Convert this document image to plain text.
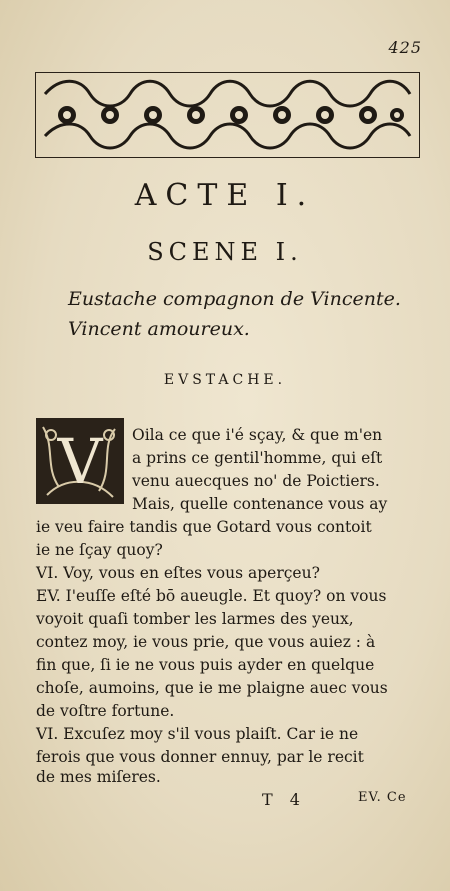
425
ACTE I.
SCENE I.
Eustache compagnon de Vincente.
Vincent amoureux.
EVSTACHE.
V Oila ce que i'é sçay, & que m'en
a prins ce gentil'homme, qui eſt
venu auecques no' de Poictiers.
Mais, quelle contenance vous ay
ie veu faire tandis que Gotard vous contoit
ie ne ſçay quoy?
VI. Voy, vous en eſtes vous aperçeu?
EV. I'euſſe eſté bō aueugle. Et quoy? on vous
voyoit quaſi tomber les larmes des yeux,
contez moy, ie vous prie, que vous auiez : à
fin que, ſi ie ne vous puis ayder en quelque
choſe, aumoins, que ie me plaigne auec vous
de voſtre fortune.
VI. Excuſez moy s'il vous plaiſt. Car ie ne
ferois que vous donner ennuy, par le recit
T 4	EV. Ce
de mes miſeres.
